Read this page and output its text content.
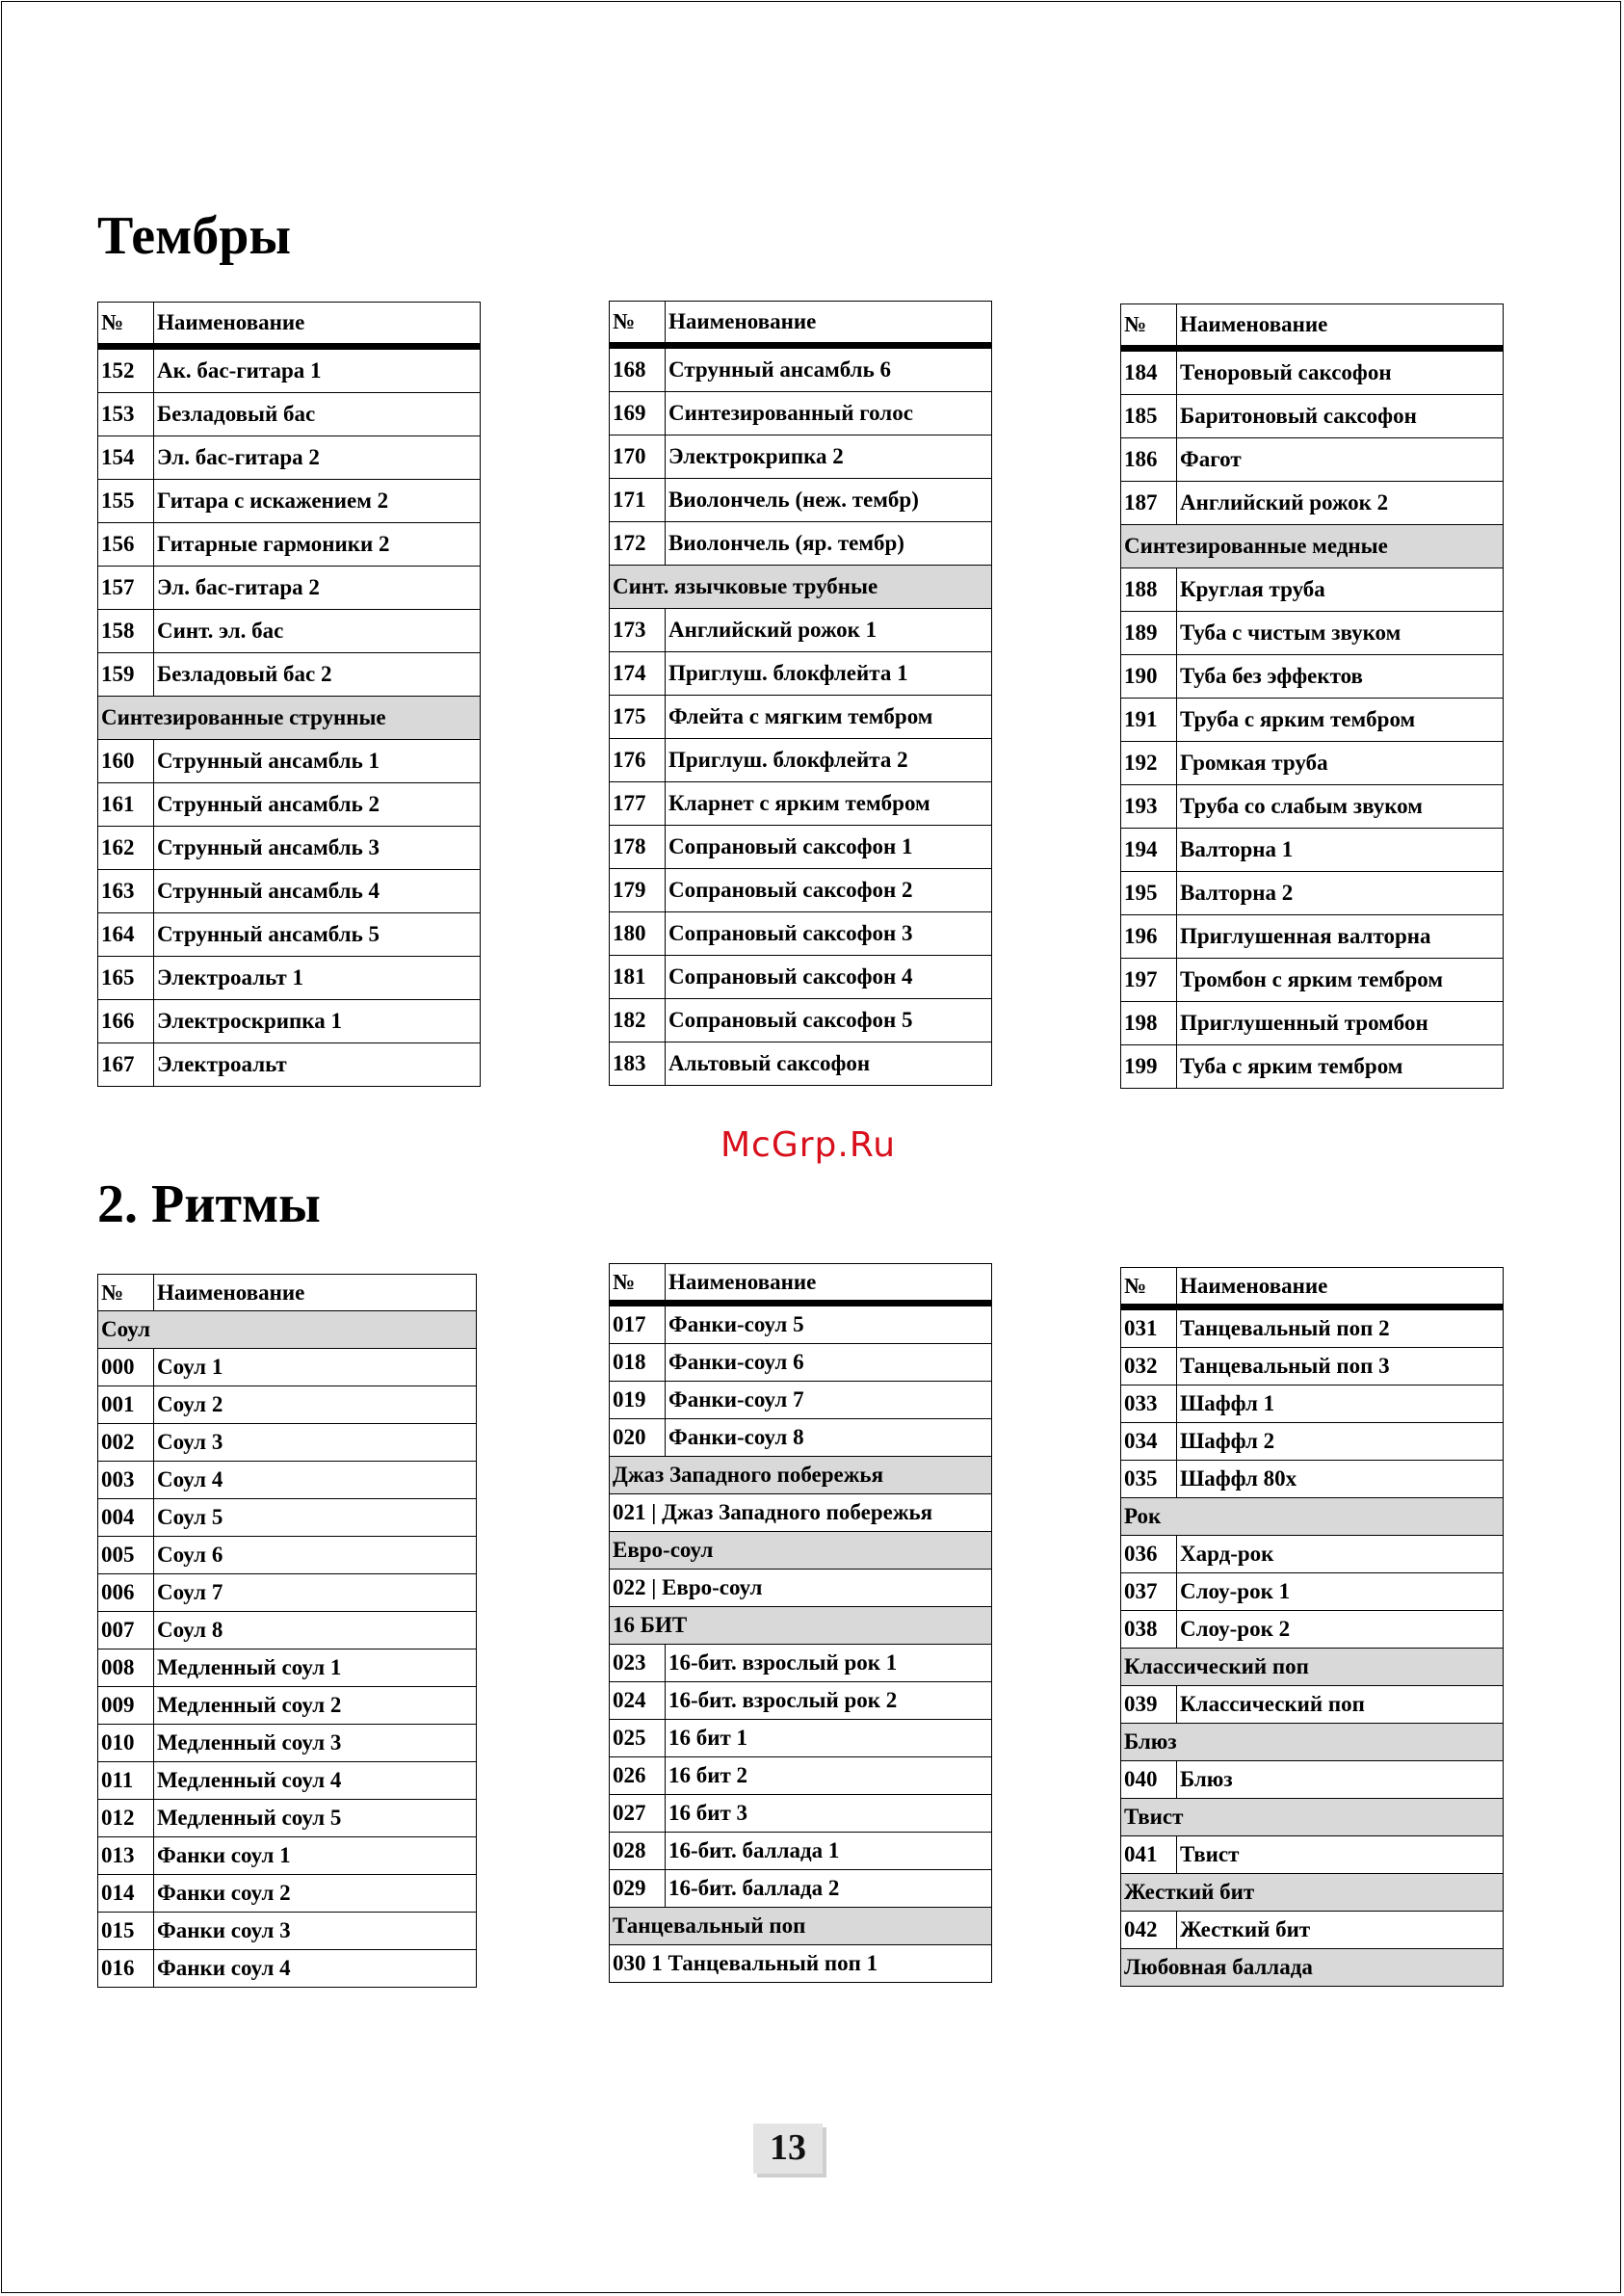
Тембры
2. Ритмы
№	Наименование
152	Ак. бас-гитара 1
153	Безладовый бас
154	Эл. бас-гитара 2
155	Гитара с искажением 2
156	Гитарные гармоники 2
157	Эл. бас-гитара 2
158	Синт. эл. бас
159	Безладовый бас 2
Синтезированные струнные	
160	Струнный ансамбль 1
161	Струнный ансамбль 2
162	Струнный ансамбль 3
163	Струнный ансамбль 4
164	Струнный ансамбль 5
165	Электроальт 1
166	Электроскрипка 1
167	Электроальт
№	Наименование
168	Струнный ансамбль 6
169	Синтезированный голос
170	Электрокрипка 2
171	Виолончель (неж. тембр)
172	Виолончель (яр. тембр)
Синт. язычковые трубные	
173	Английский рожок 1
174	Приглуш. блокфлейта 1
175	Флейта с мягким тембром
176	Приглуш. блокфлейта 2
177	Кларнет с ярким тембром
178	Сопрановый саксофон 1
179	Сопрановый саксофон 2
180	Сопрановый саксофон 3
181	Сопрановый саксофон 4
182	Сопрановый саксофон 5
183	Альтовый саксофон
№	Наименование
184	Теноровый саксофон
185	Баритоновый саксофон
186	Фагот
187	Английский рожок 2
Синтезированные медные	
188	Круглая труба
189	Туба с чистым звуком
190	Туба без эффектов
191	Труба с ярким тембром
192	Громкая труба
193	Труба со слабым звуком
194	Валторна 1
195	Валторна 2
196	Приглушенная валторна
197	Тромбон с ярким тембром
198	Приглушенный тромбон
199	Туба с ярким тембром
№	Наименование
Соул	
000	Соул 1
001	Соул 2
002	Соул 3
003	Соул 4
004	Соул 5
005	Соул 6
006	Соул 7
007	Соул 8
008	Медленный соул 1
009	Медленный соул 2
010	Медленный соул 3
011	Медленный соул 4
012	Медленный соул 5
013	Фанки соул 1
014	Фанки соул 2
015	Фанки соул 3
016	Фанки соул 4
№	Наименование
017	Фанки-соул 5
018	Фанки-соул 6
019	Фанки-соул 7
020	Фанки-соул 8
Джаз Западного побережья	
021 | Джаз Западного побережья	
Евро-соул	
022 | Евро-соул	
16 БИТ	
023	16-бит. взрослый рок 1
024	16-бит. взрослый рок 2
025	16 бит 1
026	16 бит 2
027	16 бит 3
028	16-бит. баллада 1
029	16-бит. баллада 2
Танцевальный поп	
030 1 Танцевальный поп 1	
№	Наименование
031	Танцевальный поп 2
032	Танцевальный поп 3
033	Шаффл 1
034	Шаффл 2
035	Шаффл 80х
Рок	
036	Хард-рок
037	Слоу-рок 1
038	Слоу-рок 2
Классический поп	
039	Классический поп
Блюз	
040	Блюз
Твист	
041	Твист
Жесткий бит	
042	Жесткий бит
Любовная баллада	
McGrp.Ru
13
